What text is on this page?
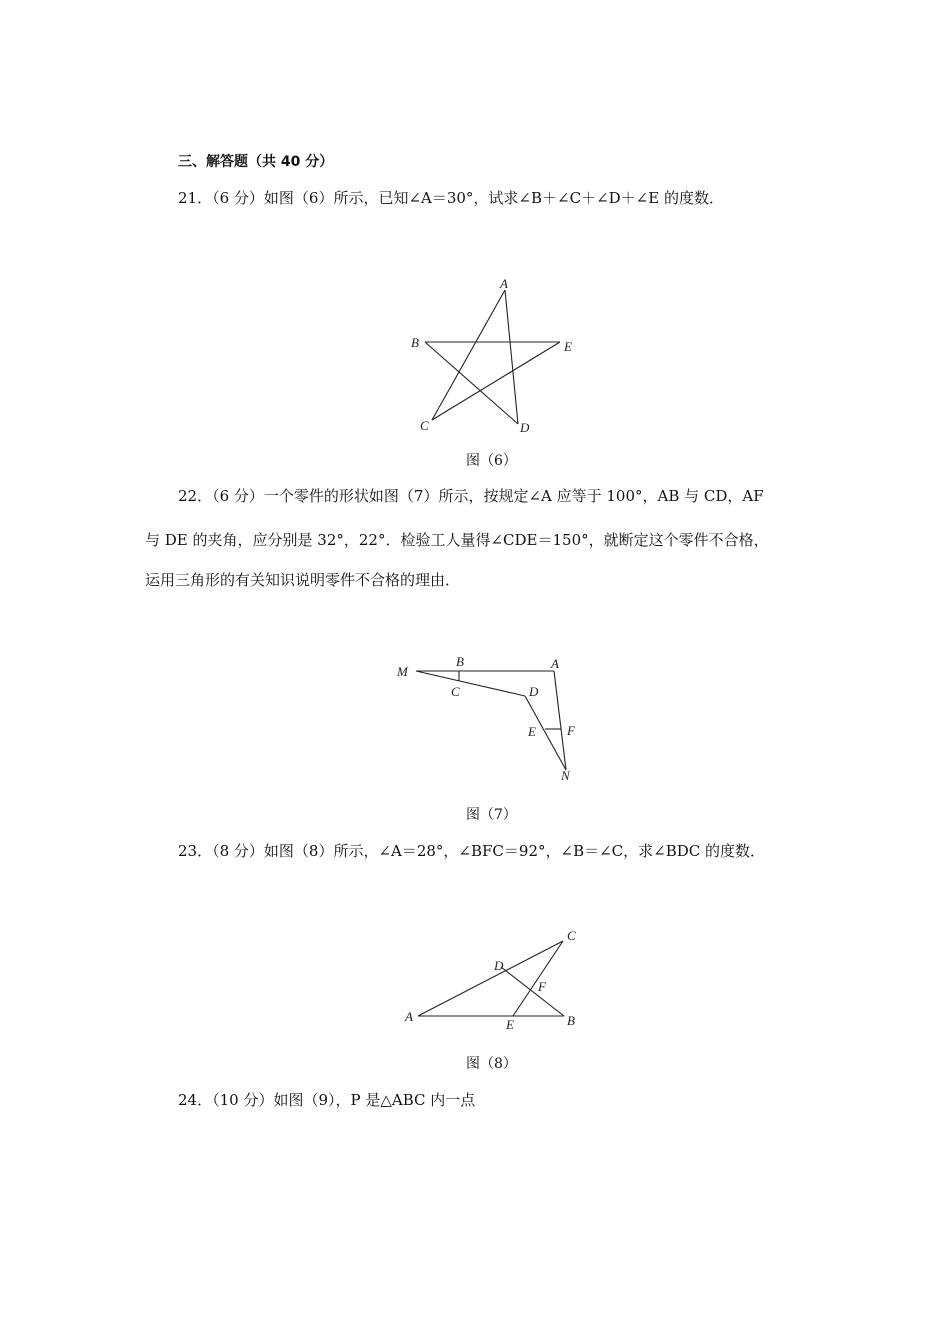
三、解答题（共 40 分）
21．（6 分）如图（6）所示，已知∠A＝30°，试求∠B＋∠C＋∠D＋∠E 的度数．
A
B	E
C	D
图（6）
22．（6 分）一个零件的形状如图（7）所示，按规定∠A 应等于 100°，AB 与 CD，AF
与 DE 的夹角，应分别是 32°，22°．检验工人量得∠CDE＝150°，就断定这个零件不合格，
运用三角形的有关知识说明零件不合格的理由．
M
B	A
C	D
E F
N
图（7）
23．（8 分）如图（8）所示，∠A＝28°，∠BFC＝92°，∠B＝∠C，求∠BDC 的度数．
A	B
C
D
E
F
图（8）
24．（10 分）如图（9），P 是△ABC 内一点
